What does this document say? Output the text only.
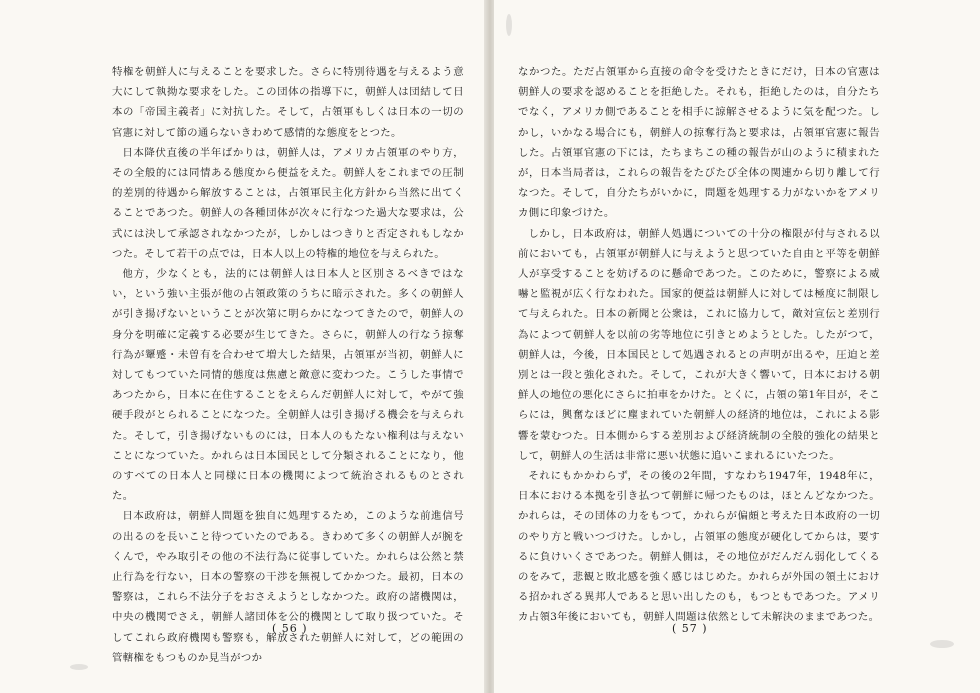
特権を朝鮮人に与えることを要求した。さらに特別待遇を与えるよう意大にして執拗な要求をした。この団体の指導下に，朝鮮人は団結して日本の「帝国主義者」に対抗した。そして，占領軍もしくは日本の一切の官憲に対して節の通らないきわめて感情的な態度をとつた。

日本降伏直後の半年ばかりは，朝鮮人は，アメリカ占領軍のやり方，その全般的には同情ある態度から便益をえた。朝鮮人をこれまでの圧制的差別的待遇から解放することは，占領軍民主化方針から当然に出てくることであつた。朝鮮人の各種団体が次々に行なつた過大な要求は，公式には決して承認されなかつたが，しかしはつきりと否定されもしなかつた。そして若干の点では，日本人以上の特権的地位を与えられた。

他方，少なくとも，法的には朝鮮人は日本人と区別さるべきではない，という強い主張が他の占領政策のうちに暗示された。多くの朝鮮人が引き揚げないということが次第に明らかになつてきたので，朝鮮人の身分を明確に定義する必要が生じてきた。さらに，朝鮮人の行なう掠奪行為が顰蹙・未曽有を合わせて増大した結果，占領軍が当初，朝鮮人に対してもつていた同情的態度は焦慮と敵意に変わつた。こうした事情であつたから，日本に在住することをえらんだ朝鮮人に対して，やがて強硬手段がとられることになつた。全朝鮮人は引き揚げる機会を与えられた。そして，引き揚げないものには，日本人のもたない権利は与えないことになつていた。かれらは日本国民として分類されることになり，他のすべての日本人と同様に日本の機関によつて統治されるものとされた。

日本政府は，朝鮮人問題を独自に処理するため，このような前進信号の出るのを長いこと待つていたのである。きわめて多くの朝鮮人が腕をくんで，やみ取引その他の不法行為に従事していた。かれらは公然と禁止行為を行ない，日本の警察の干渉を無視してかかつた。最初，日本の警察は，これら不法分子をおさえようとしなかつた。政府の諸機関は，中央の機関でさえ，朝鮮人諸団体を公的機関として取り扱つていた。そしてこれら政府機関も警察も，解放された朝鮮人に対して，どの範囲の管轄権をもつものか見当がつか

( 56 )

なかつた。ただ占領軍から直接の命令を受けたときにだけ，日本の官憲は朝鮮人の要求を認めることを拒絶した。それも，拒絶したのは，自分たちでなく，アメリカ側であることを相手に諒解させるように気を配つた。しかし，いかなる場合にも，朝鮮人の掠奪行為と要求は，占領軍官憲に報告した。占領軍官憲の下には，たちまちこの種の報告が山のように積まれたが，日本当局者は，これらの報告をたびたび全体の関連から切り離して行なつた。そして，自分たちがいかに，問題を処理する力がないかをアメリカ側に印象づけた。

しかし，日本政府は，朝鮮人処遇についての十分の権限が付与される以前においても，占領軍が朝鮮人に与えようと思つていた自由と平等を朝鮮人が享受することを妨げるのに懸命であつた。このために，警察による威嚇と監視が広く行なわれた。国家的便益は朝鮮人に対しては極度に制限して与えられた。日本の新聞と公衆は，これに協力して，敵対宣伝と差別行為によつて朝鮮人を以前の劣等地位に引きとめようとした。したがつて，朝鮮人は，今後，日本国民として処遇されるとの声明が出るや，圧迫と差別とは一段と強化された。そして，これが大きく響いて，日本における朝鮮人の地位の悪化にさらに拍車をかけた。とくに，占領の第1年目が，そこらには，興奮なほどに塵まれていた朝鮮人の経済的地位は，これによる影響を蒙むつた。日本側からする差別および経済統制の全般的強化の結果として，朝鮮人の生活は非常に悪い状態に追いこまれるにいたつた。

それにもかかわらず，その後の2年間，すなわち1947年，1948年に，日本における本拠を引き払つて朝鮮に帰つたものは，ほとんどなかつた。かれらは，その団体の力をもつて，かれらが偏頗と考えた日本政府の一切のやり方と戦いつづけた。しかし，占領軍の態度が硬化してからは，要するに負けいくさであつた。朝鮮人側は，その地位がだんだん弱化してくるのをみて，悲観と敗北感を強く感じはじめた。かれらが外国の領土における招かれざる異邦人であると思い出したのも，もつともであつた。アメリカ占領3年後においても，朝鮮人問題は依然として未解決のままであつた。

( 57 )
